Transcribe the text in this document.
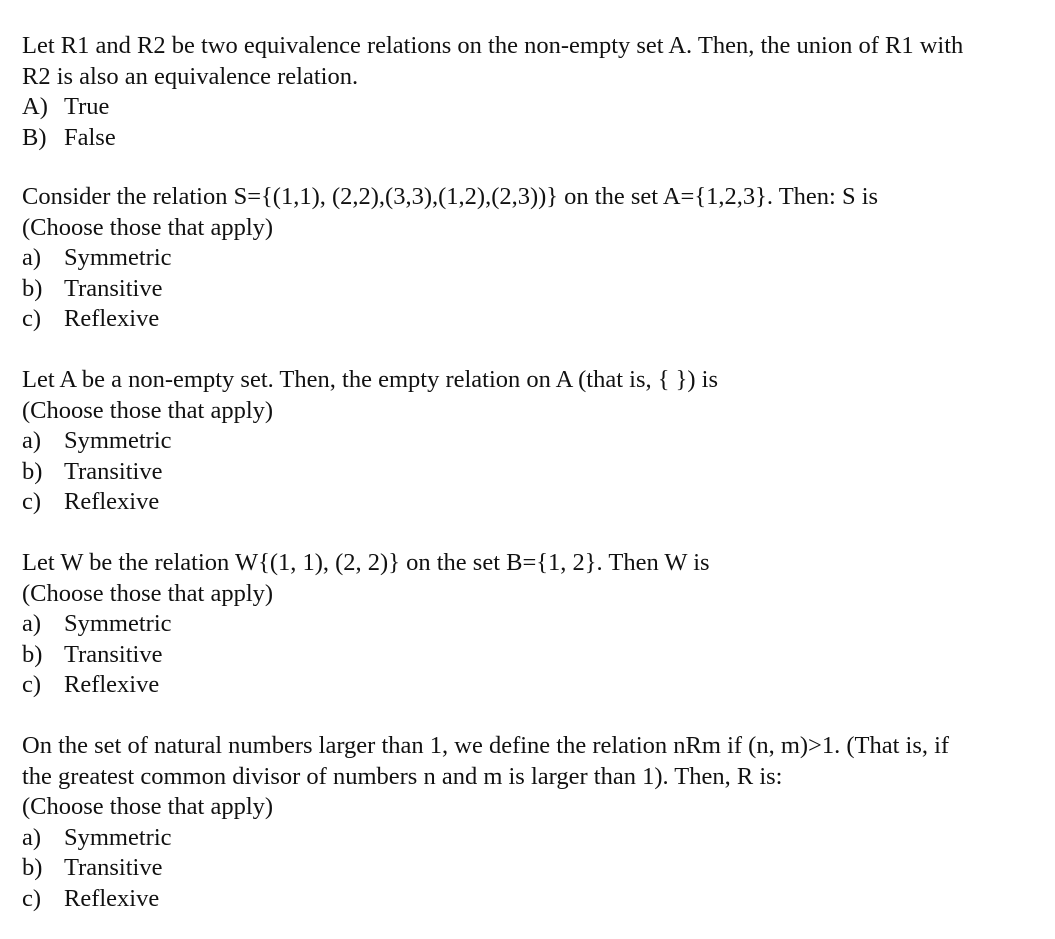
Let R1 and R2 be two equivalence relations on the non-empty set A. Then, the union of R1 with
R2 is also an equivalence relation.
A) True
B) False
Consider the relation S={(1,1), (2,2),(3,3),(1,2),(2,3))} on the set A={1,2,3}. Then: S is
(Choose those that apply)
a) Symmetric
b) Transitive
c) Reflexive
Let A be a non-empty set. Then, the empty relation on A (that is, { }) is
(Choose those that apply)
a) Symmetric
b) Transitive
c) Reflexive
Let W be the relation W{(1, 1), (2, 2)} on the set B={1, 2}. Then W is
(Choose those that apply)
a) Symmetric
b) Transitive
c) Reflexive
On the set of natural numbers larger than 1, we define the relation nRm if (n, m)>1. (That is, if
the greatest common divisor of numbers n and m is larger than 1). Then, R is:
(Choose those that apply)
a) Symmetric
b) Transitive
c) Reflexive
